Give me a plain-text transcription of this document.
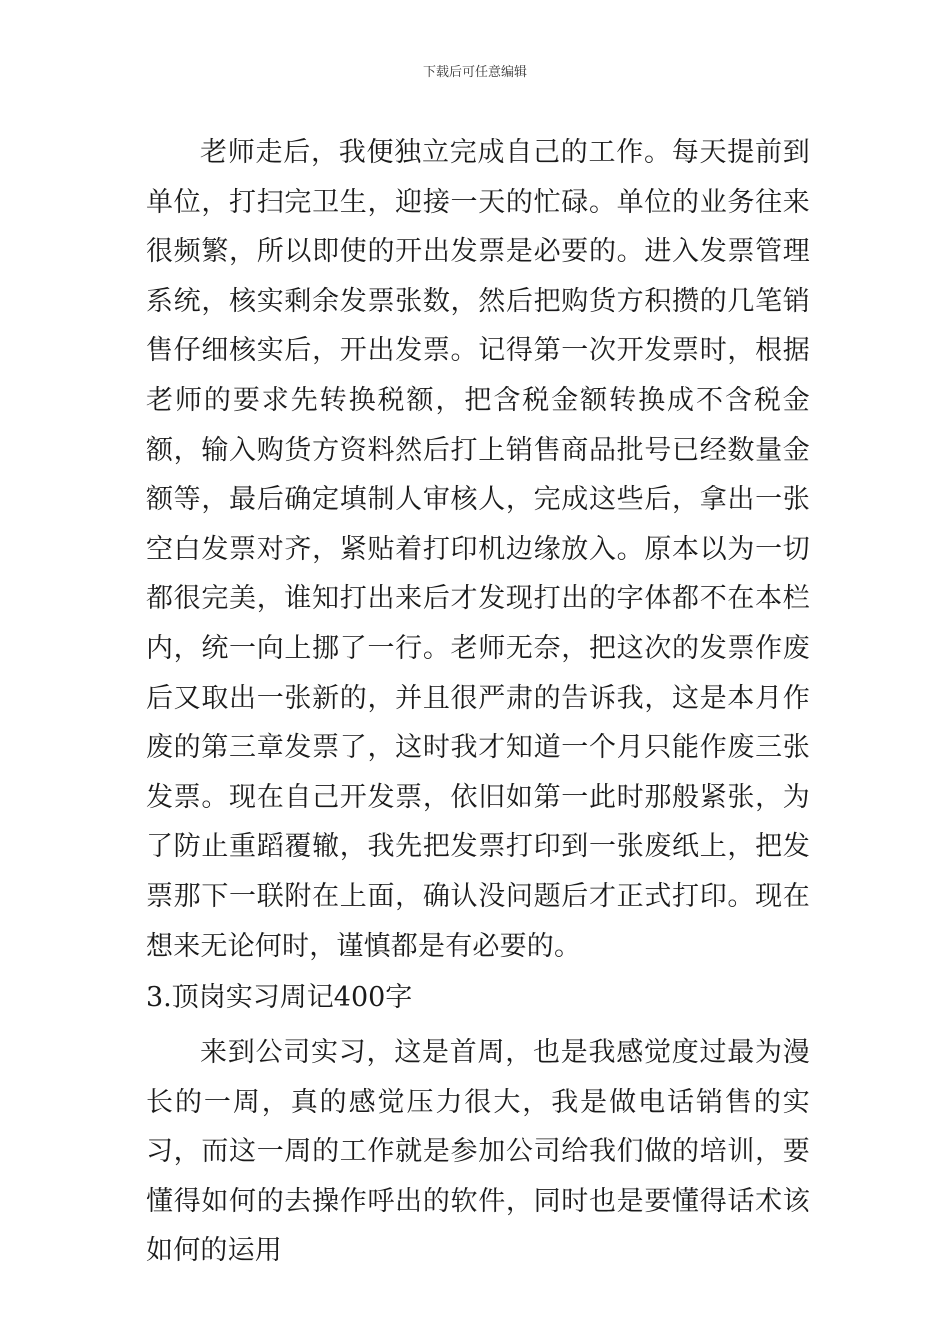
下载后可任意编辑

老师走后，我便独立完成自己的工作。每天提前到单位，打扫完卫生，迎接一天的忙碌。单位的业务往来很频繁，所以即使的开出发票是必要的。进入发票管理系统，核实剩余发票张数，然后把购货方积攒的几笔销售仔细核实后，开出发票。记得第一次开发票时，根据老师的要求先转换税额，把含税金额转换成不含税金额，输入购货方资料然后打上销售商品批号已经数量金额等，最后确定填制人审核人，完成这些后，拿出一张空白发票对齐，紧贴着打印机边缘放入。原本以为一切都很完美，谁知打出来后才发现打出的字体都不在本栏内，统一向上挪了一行。老师无奈，把这次的发票作废后又取出一张新的，并且很严肃的告诉我，这是本月作废的第三章发票了，这时我才知道一个月只能作废三张发票。现在自己开发票，依旧如第一此时那般紧张，为了防止重蹈覆辙，我先把发票打印到一张废纸上，把发票那下一联附在上面，确认没问题后才正式打印。现在想来无论何时，谨慎都是有必要的。

3.顶岗实习周记400字

来到公司实习，这是首周，也是我感觉度过最为漫长的一周，真的感觉压力很大，我是做电话销售的实习，而这一周的工作就是参加公司给我们做的培训，要懂得如何的去操作呼出的软件，同时也是要懂得话术该如何的运用
